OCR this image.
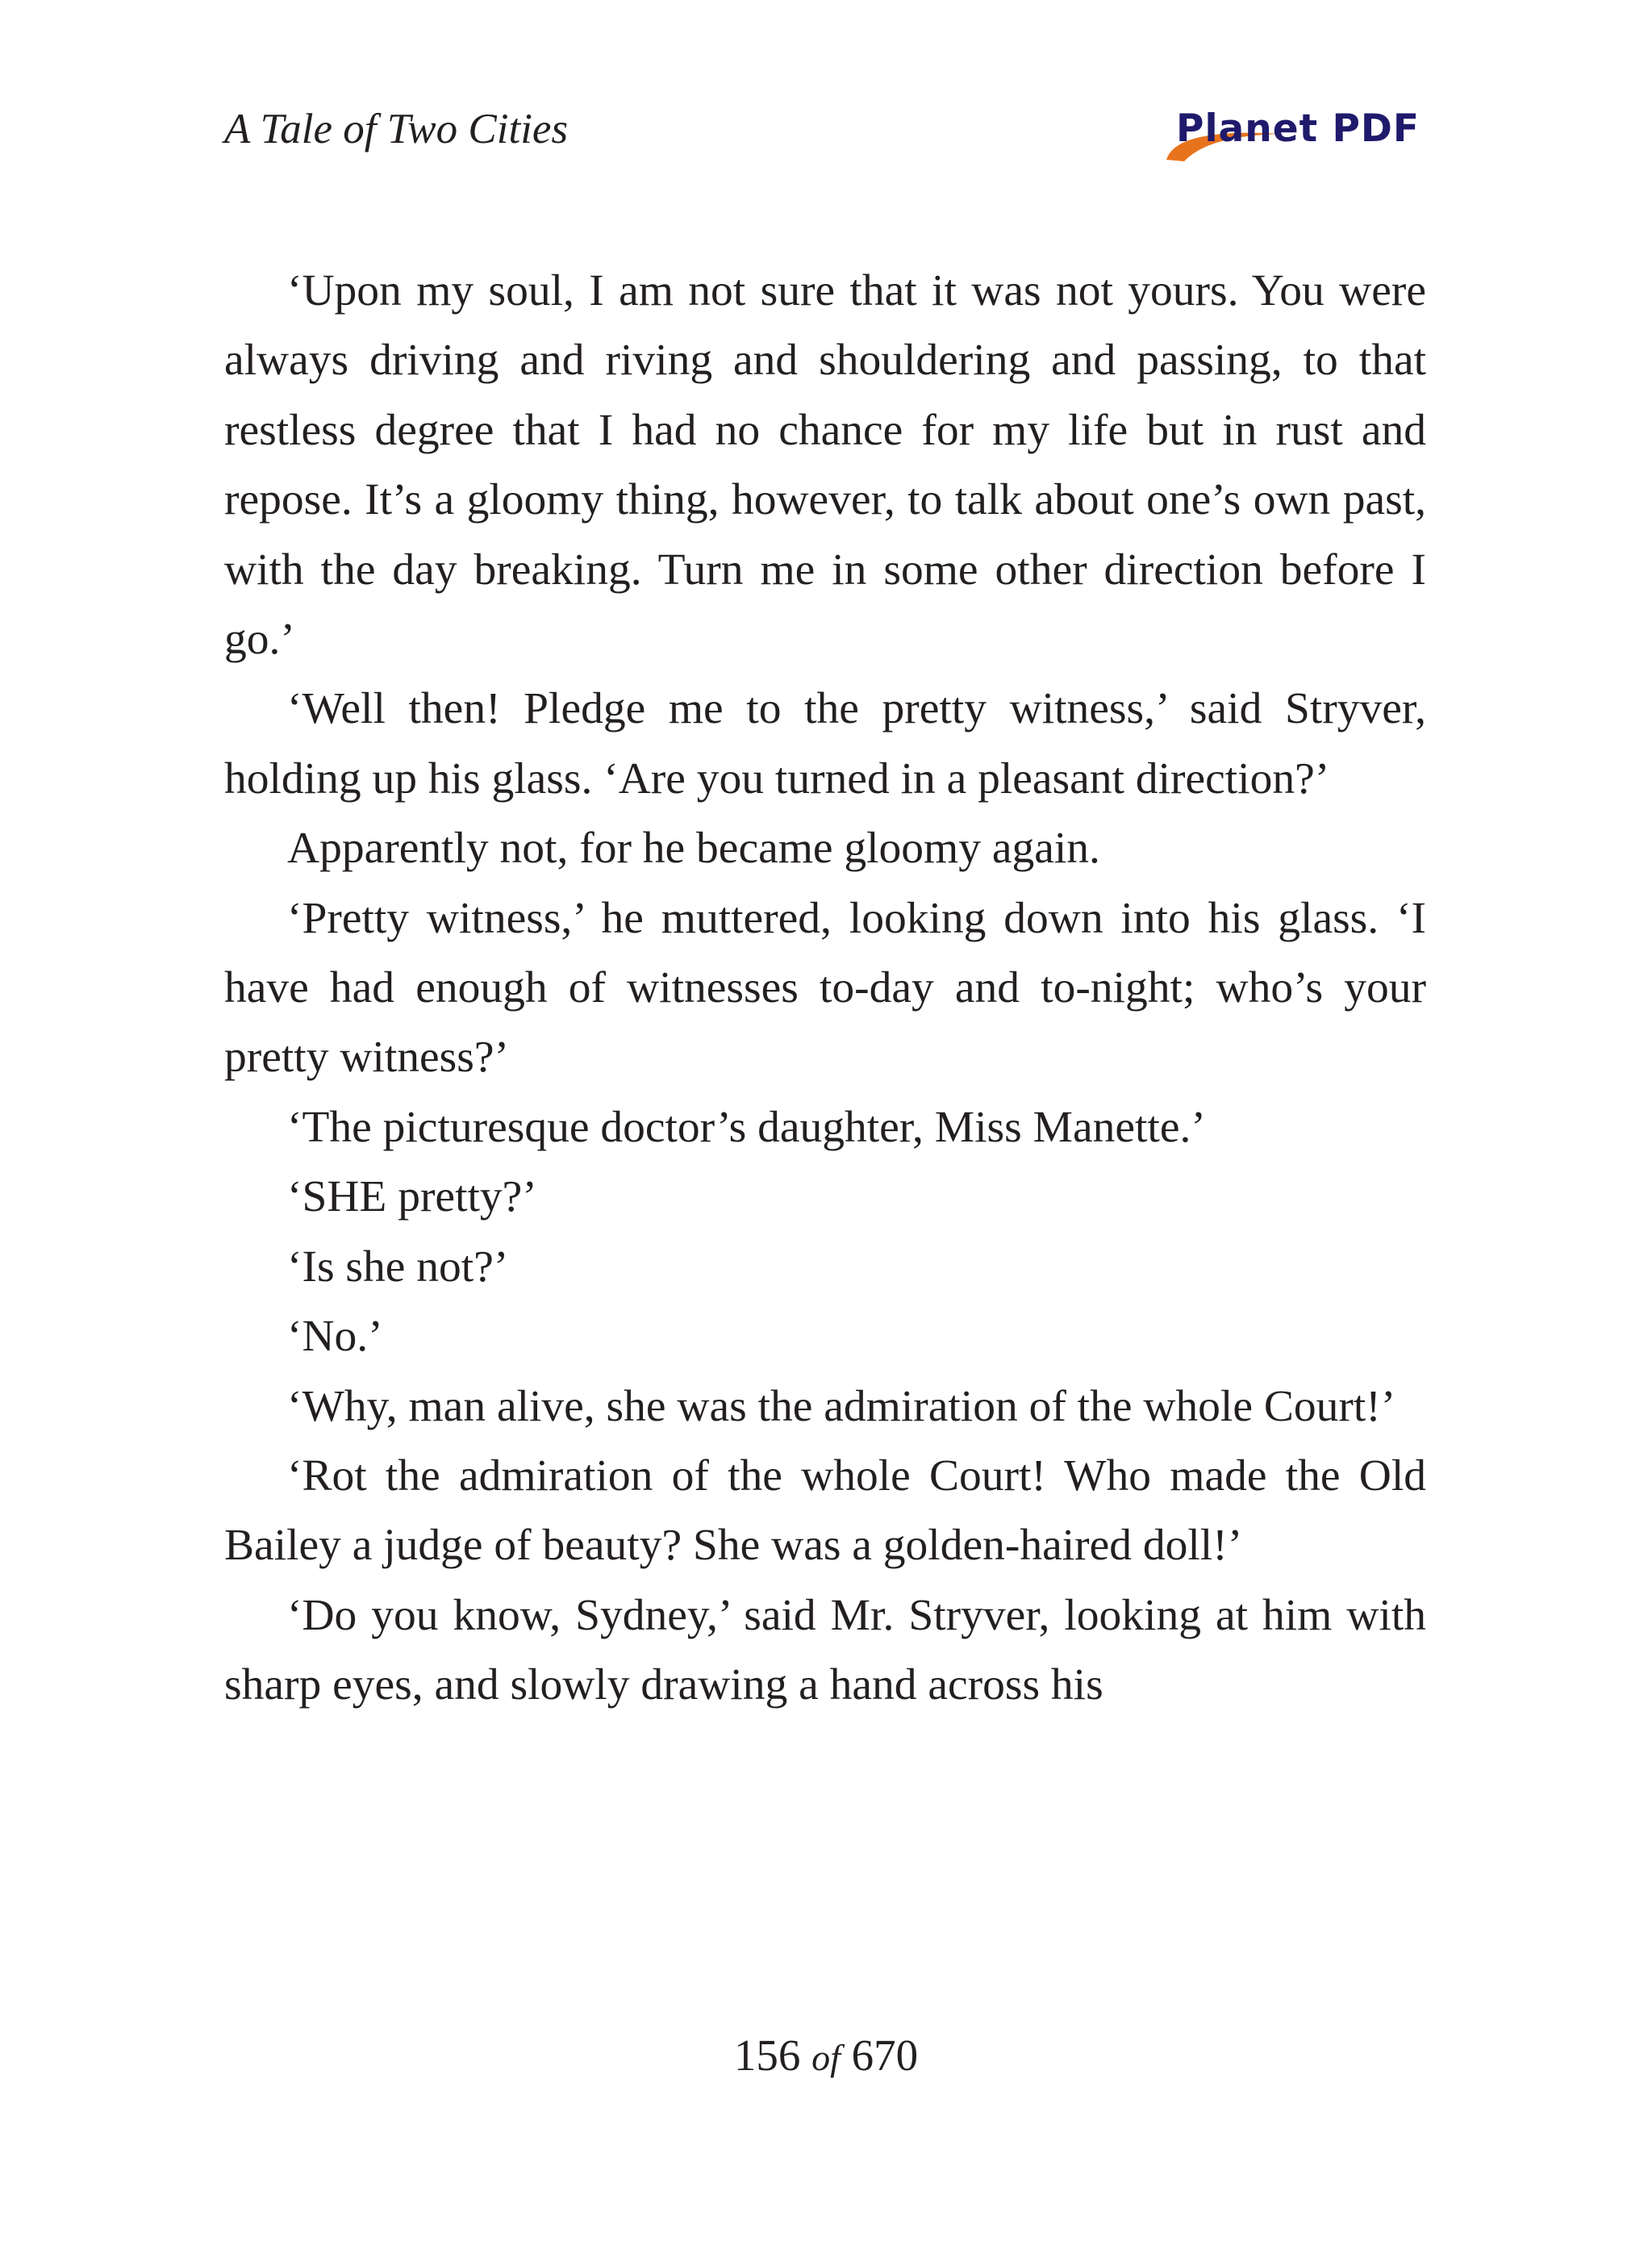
A Tale of Two Cities	Planet PDF

‘Upon my soul, I am not sure that it was not yours. You were always driving and riving and shouldering and passing, to that restless degree that I had no chance for my life but in rust and repose. It’s a gloomy thing, however, to talk about one’s own past, with the day breaking. Turn me in some other direction before I go.’

‘Well then! Pledge me to the pretty witness,’ said Stryver, holding up his glass. ‘Are you turned in a pleasant direction?’

Apparently not, for he became gloomy again.

‘Pretty witness,’ he muttered, looking down into his glass. ‘I have had enough of witnesses to-day and to-night; who’s your pretty witness?’

‘The picturesque doctor’s daughter, Miss Manette.’

‘SHE pretty?’

‘Is she not?’

‘No.’

‘Why, man alive, she was the admiration of the whole Court!’

‘Rot the admiration of the whole Court! Who made the Old Bailey a judge of beauty? She was a golden-haired doll!’

‘Do you know, Sydney,’ said Mr. Stryver, looking at him with sharp eyes, and slowly drawing a hand across his

156 of 670
